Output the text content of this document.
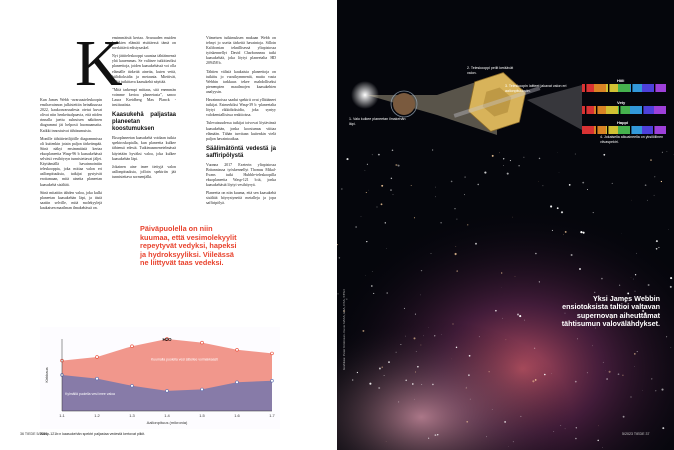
K

Kun James Webb -avaruusteleskoopin ensihavainnon julkistettiin heinäkuussa 2022, kaukoavaruudesta otetut kuvat olivat niin henkeäsalpaavia, että niiden rinnalla jaettu suhruisen näköinen diagrammi jäi helposti huomaamatta. Kaikki innostuivat tähtisumuista.

Monille tähtitieteilijöille diagrammissa oli kuitenkin jotain paljon tärkeämpää. Siinä näkyi ensimmäistä kertaa eksoplaneetta Wasp-96 b kaasukehässä selvästi vesihöyryn tunnistettavat jäljet. Käyttämällä havainnointiin teleskooppia, joka mittaa valon eri aallonpituuksia, tutkijat pystyivät erottamaan, mitä aineita planeetan kaasukehä sisältää.

Siinä mitattiin tähden valoa, joka kulki planeetan kaasukehän läpi, ja tästä saatiin selville, mitä molekyylejä kaukaisen maailman ilmakehässä on.

ensimmäistä kertaa. Avaruuden muiden kolkkien elämää etsittäessä tämä on merkittävä edistysaskel.

Nyt jättiteleskooppi suuntaa tähtäimensä yhä kauemmas. Se valitsee tutkittaviksi planeettoja, joiden kaasukehässä voi olla elämälle tärkeitä aineita, kuten vettä, hiilidioksidia ja metaania. Miettivät, miltä tutkittava kaasukehä näyttää.

”Mitä tarkempi mittaus, sitä enemmän voimme kertoa planeetasta”, sanoo Laura Kreidberg Max Planck -instituutista.

Kaasukehä paljastaa planeetan koostumuksen

Eksoplaneetan kaasukehä voidaan tutkia spektroskopialla, kun planeetta kulkee tähtensä edestä. Tutkimusmenetelmässä käytetään hyväksi valoa, joka kulkee kaasukehän läpi.

Jokainen aine imee tiettyjä valon aallonpituuksia, jolloin spektriin jää tunnistettava sormenjälki.

Viimeisen tutkimuksen mukaan Webb on tehnyt jo useita tärkeitä havaintoja. Silloin Kalifornian teknillisessä yliopistossa työskennellyt David Charbonneau tutki kaasukehää, joka löytyi planeetalta HD 209458 b.

Tähtien välisiä kaukaisia planeettoja on tutkittu jo vuosikymmeniä, mutta vasta Webbin tarkkuus tekee mahdolliseksi pienempien maailmojen kaasukehien analyysin.

Havainnoissa saadut spektrit ovat yllättäneet tutkijat. Esimerkiksi Wasp-39 b -planeetalta löytyi rikkidioksidia, joka syntyy valokemiallisissa reaktioissa.

Tulevaisuudessa tutkijat toivovat löytävänsä kaasukehän, jonka koostumus viittaa elämään. Tähän tarvitaan kuitenkin vielä paljon havaintoaikaa.

Säälimätöntä vedestä ja saffiripölystä

Vuonna 2017 Exeterin yliopistossa Britanniassa työskennellyt Thomas Mikal-Evans tutki Hubble-teleskoopilla eksoplaneetta Wasp-121 b:tä, jonka kaasukehästä löytyi vesihöyryä.

Planeetta on niin kuuma, että sen kaasukehä sisältää höyrystyneitä metalleja ja jopa saffiripölyä.

Päiväpuolella on niin kuumaa, että vesimolekyylit repeytyvät vedyksi, hapeksi ja hydroksyyliksi. Viileässä ne liittyvät taas vedeksi.
1.1	1.2	1.3	1.4	1.5	1.6	1.7
Aallonpituus (mikronia)
Kirkkaus
H2O
Kuumalla puolella vesi säteilee voimakkaasti
Kylmällä puolella vesi imee valoa
Wasp-121b:n kaasukehän spektri paljastaa vedestä kertovat piikit.
36 TIEDE 5/2023
1. Valo kulkee planeetan ilmakehän läpi.
2. Teleskooppi peilit keräävät valon.
3. Teleskoopin laitteet jakavat valon eri aallonpituuksiin.
4. Jokaisella alkuaineella on yksilöllinen viivaspektri.
Hiili
Vety
Happi
Yksi James Webbin ensiotoksista taltioi valtavan supernovan aiheuttamat tähtisumun valovälähdykset.
5/2023 TIEDE 37
Grafiikka: Peter Kristinsen. Kuva: NASA, ESA, CSA, STScI
